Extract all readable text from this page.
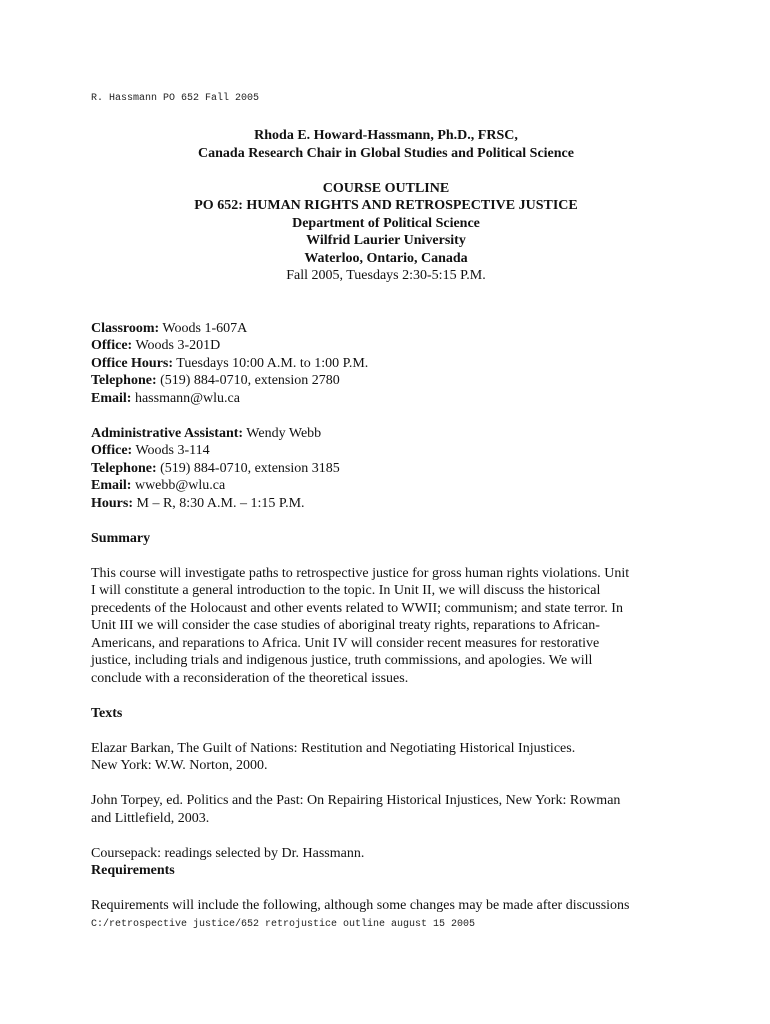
R. Hassmann PO 652 Fall 2005
Rhoda E. Howard-Hassmann, Ph.D., FRSC,
Canada Research Chair in Global Studies and Political Science
COURSE OUTLINE
PO 652: HUMAN RIGHTS AND RETROSPECTIVE JUSTICE
Department of Political Science
Wilfrid Laurier University
Waterloo, Ontario, Canada
Fall 2005, Tuesdays 2:30-5:15 P.M.
Classroom: Woods 1-607A
Office: Woods 3-201D
Office Hours: Tuesdays 10:00 A.M. to 1:00 P.M.
Telephone: (519) 884-0710, extension 2780
Email: hassmann@wlu.ca
Administrative Assistant: Wendy Webb
Office: Woods 3-114
Telephone: (519) 884-0710, extension 3185
Email: wwebb@wlu.ca
Hours: M – R, 8:30 A.M. – 1:15 P.M.
Summary
This course will investigate paths to retrospective justice for gross human rights violations. Unit
I will constitute a general introduction to the topic. In Unit II, we will discuss the historical
precedents of the Holocaust and other events related to WWII; communism; and state terror. In
Unit III we will consider the case studies of aboriginal treaty rights, reparations to African-
Americans, and reparations to Africa. Unit IV will consider recent measures for restorative
justice, including trials and indigenous justice, truth commissions, and apologies. We will
conclude with a reconsideration of the theoretical issues.
Texts
Elazar Barkan, The Guilt of Nations: Restitution and Negotiating Historical Injustices.
New York: W.W. Norton, 2000.
John Torpey, ed. Politics and the Past: On Repairing Historical Injustices, New York: Rowman
and Littlefield, 2003.
Coursepack: readings selected by Dr. Hassmann.
Requirements
Requirements will include the following, although some changes may be made after discussions
C:/retrospective justice/652 retrojustice outline august 15 2005
